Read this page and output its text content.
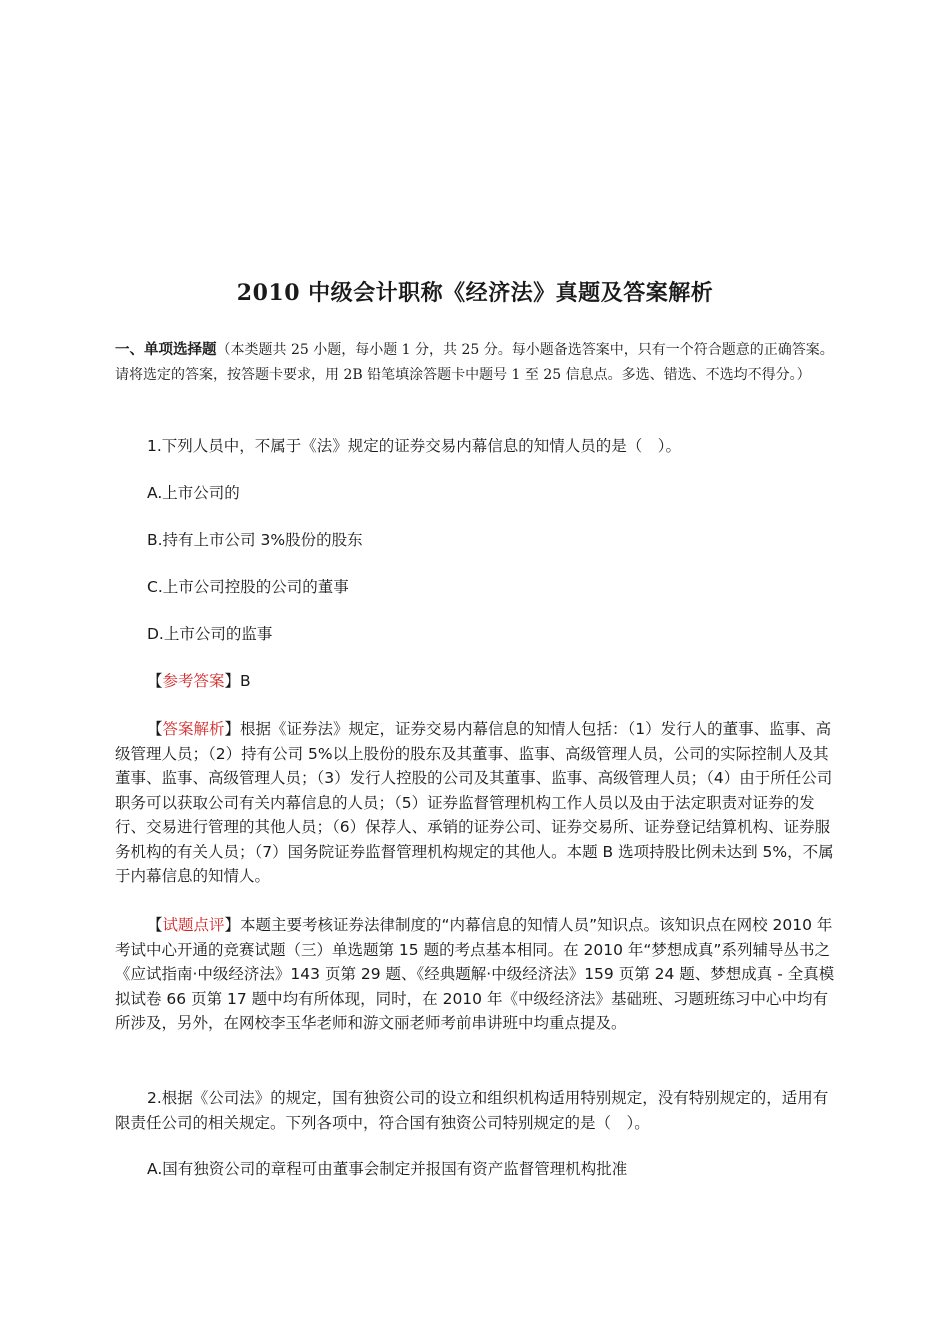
2010 中级会计职称《经济法》真题及答案解析

一、单项选择题（本类题共 25 小题，每小题 1 分，共 25 分。每小题备选答案中，只有一个符合题意的正确答案。请将选定的答案，按答题卡要求，用 2B 铅笔填涂答题卡中题号 1 至 25 信息点。多选、错选、不选均不得分。）

1.下列人员中，不属于《法》规定的证券交易内幕信息的知情人员的是（　）。

A.上市公司的

B.持有上市公司 3%股份的股东

C.上市公司控股的公司的董事

D.上市公司的监事

【参考答案】B

【答案解析】根据《证券法》规定，证券交易内幕信息的知情人包括：（1）发行人的董事、监事、高级管理人员；（2）持有公司 5%以上股份的股东及其董事、监事、高级管理人员，公司的实际控制人及其董事、监事、高级管理人员；（3）发行人控股的公司及其董事、监事、高级管理人员；（4）由于所任公司职务可以获取公司有关内幕信息的人员；（5）证券监督管理机构工作人员以及由于法定职责对证券的发行、交易进行管理的其他人员；（6）保荐人、承销的证券公司、证券交易所、证券登记结算机构、证券服务机构的有关人员；（7）国务院证券监督管理机构规定的其他人。本题 B 选项持股比例未达到 5%，不属于内幕信息的知情人。

【试题点评】本题主要考核证券法律制度的“内幕信息的知情人员”知识点。该知识点在网校 2010 年考试中心开通的竞赛试题（三）单选题第 15 题的考点基本相同。在 2010 年“梦想成真”系列辅导丛书之《应试指南·中级经济法》143 页第 29 题、《经典题解·中级经济法》159 页第 24 题、梦想成真 - 全真模拟试卷 66 页第 17 题中均有所体现，同时，在 2010 年《中级经济法》基础班、习题班练习中心中均有所涉及，另外，在网校李玉华老师和游文丽老师考前串讲班中均重点提及。

2.根据《公司法》的规定，国有独资公司的设立和组织机构适用特别规定，没有特别规定的，适用有限责任公司的相关规定。下列各项中，符合国有独资公司特别规定的是（　）。

A.国有独资公司的章程可由董事会制定并报国有资产监督管理机构批准
